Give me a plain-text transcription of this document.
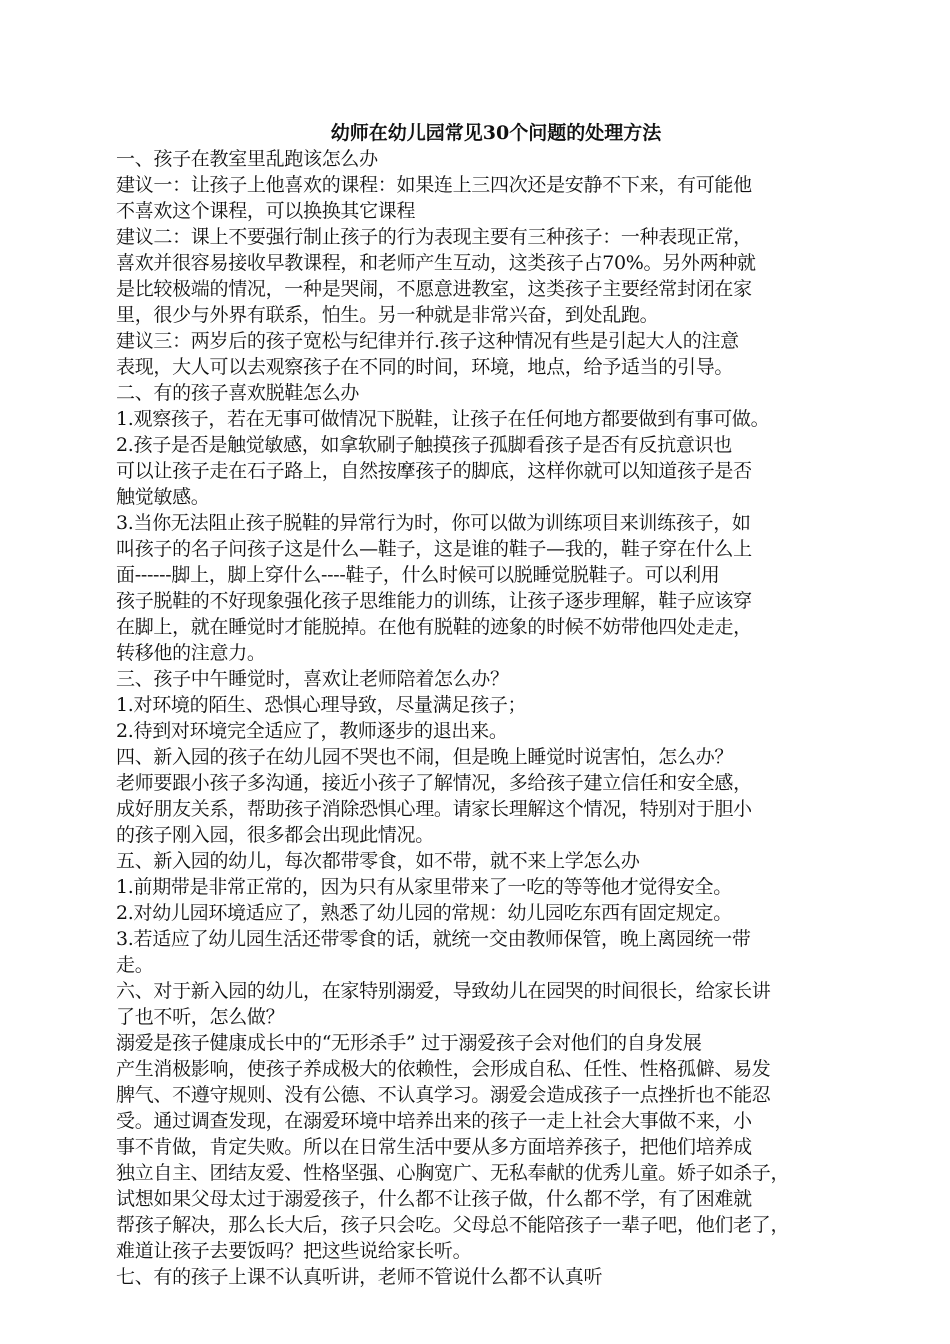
幼师在幼儿园常见30个问题的处理方法
一、孩子在教室里乱跑该怎么办
建议一：让孩子上他喜欢的课程：如果连上三四次还是安静不下来，有可能他
不喜欢这个课程，可以换换其它课程
建议二：课上不要强行制止孩子的行为表现主要有三种孩子：一种表现正常，
喜欢并很容易接收早教课程，和老师产生互动，这类孩子占70%。另外两种就
是比较极端的情况，一种是哭闹，不愿意进教室，这类孩子主要经常封闭在家
里，很少与外界有联系，怕生。另一种就是非常兴奋，到处乱跑。
建议三：两岁后的孩子宽松与纪律并行.孩子这种情况有些是引起大人的注意
表现，大人可以去观察孩子在不同的时间，环境，地点，给予适当的引导。
二、有的孩子喜欢脱鞋怎么办
1.观察孩子，若在无事可做情况下脱鞋，让孩子在任何地方都要做到有事可做。
2.孩子是否是触觉敏感，如拿软刷子触摸孩子孤脚看孩子是否有反抗意识也
可以让孩子走在石子路上，自然按摩孩子的脚底，这样你就可以知道孩子是否
触觉敏感。
3.当你无法阻止孩子脱鞋的异常行为时，你可以做为训练项目来训练孩子，如
叫孩子的名子问孩子这是什么—鞋子，这是谁的鞋子—我的，鞋子穿在什么上
面------脚上，脚上穿什么----鞋子，什么时候可以脱睡觉脱鞋子。可以利用
孩子脱鞋的不好现象强化孩子思维能力的训练，让孩子逐步理解，鞋子应该穿
在脚上，就在睡觉时才能脱掉。在他有脱鞋的迹象的时候不妨带他四处走走，
转移他的注意力。
三、孩子中午睡觉时，喜欢让老师陪着怎么办？
1.对环境的陌生、恐惧心理导致，尽量满足孩子；
2.待到对环境完全适应了，教师逐步的退出来。
四、新入园的孩子在幼儿园不哭也不闹，但是晚上睡觉时说害怕，怎么办？
老师要跟小孩子多沟通，接近小孩子了解情况，多给孩子建立信任和安全感，
成好朋友关系，帮助孩子消除恐惧心理。请家长理解这个情况，特别对于胆小
的孩子刚入园，很多都会出现此情况。
五、新入园的幼儿，每次都带零食，如不带，就不来上学怎么办
1.前期带是非常正常的，因为只有从家里带来了一吃的等等他才觉得安全。
2.对幼儿园环境适应了，熟悉了幼儿园的常规：幼儿园吃东西有固定规定。
3.若适应了幼儿园生活还带零食的话，就统一交由教师保管，晚上离园统一带
走。
六、对于新入园的幼儿，在家特别溺爱，导致幼儿在园哭的时间很长，给家长讲
了也不听，怎么做？
溺爱是孩子健康成长中的“无形杀手” 过于溺爱孩子会对他们的自身发展
产生消极影响，使孩子养成极大的依赖性，会形成自私、任性、性格孤僻、易发
脾气、不遵守规则、没有公德、不认真学习。溺爱会造成孩子一点挫折也不能忍
受。通过调查发现，在溺爱环境中培养出来的孩子一走上社会大事做不来，小
事不肯做，肯定失败。所以在日常生活中要从多方面培养孩子，把他们培养成
独立自主、团结友爱、性格坚强、心胸宽广、无私奉献的优秀儿童。娇子如杀子，
试想如果父母太过于溺爱孩子，什么都不让孩子做，什么都不学，有了困难就
帮孩子解决，那么长大后，孩子只会吃。父母总不能陪孩子一辈子吧，他们老了，
难道让孩子去要饭吗？把这些说给家长听。
七、有的孩子上课不认真听讲，老师不管说什么都不认真听
